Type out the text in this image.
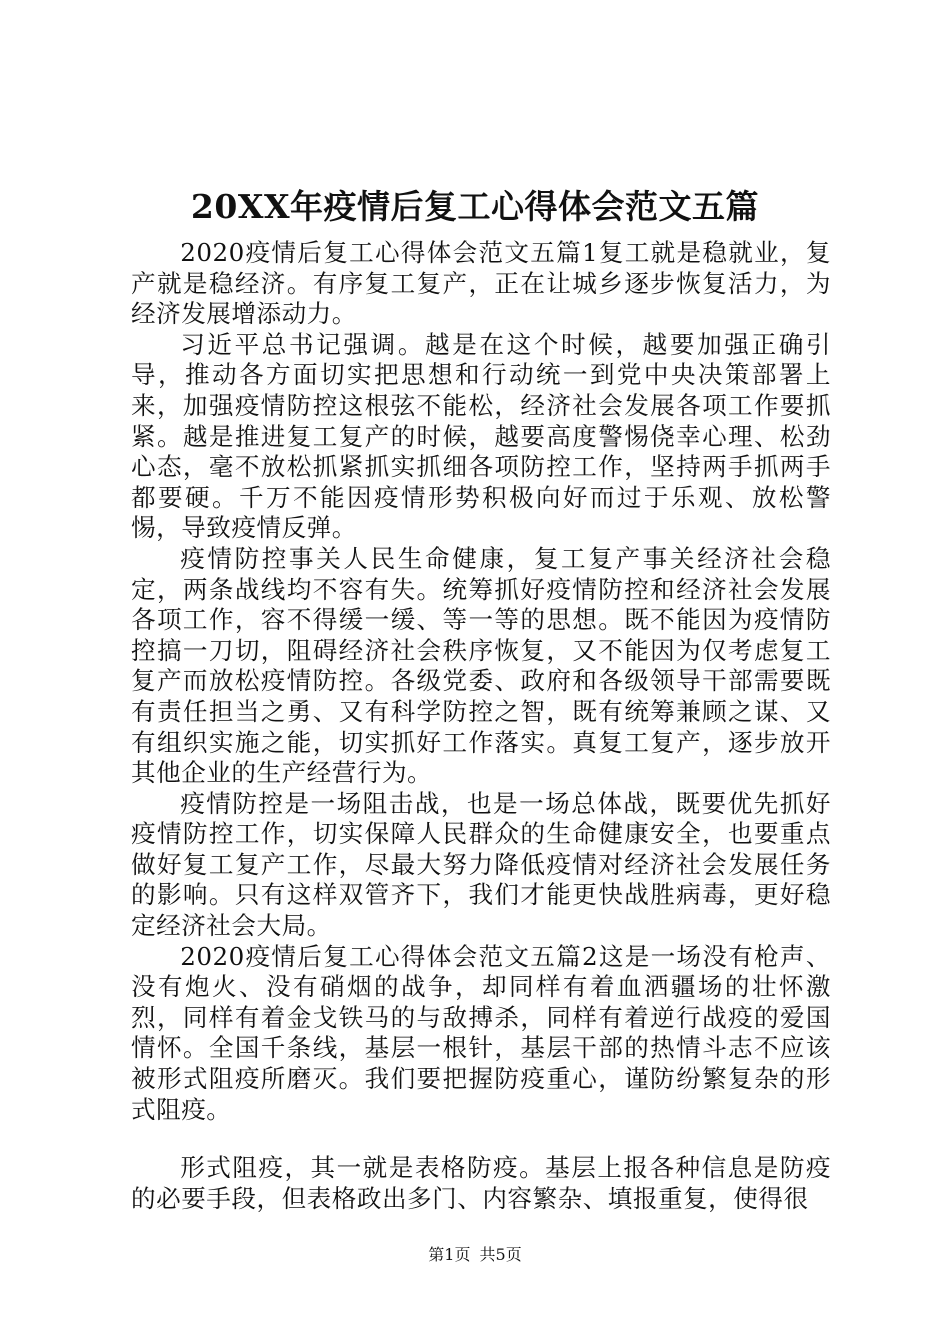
20XX年疫情后复工心得体会范文五篇

2020疫情后复工心得体会范文五篇1复工就是稳就业，复产就是稳经济。有序复工复产，正在让城乡逐步恢复活力，为经济发展增添动力。

习近平总书记强调。越是在这个时候，越要加强正确引导，推动各方面切实把思想和行动统一到党中央决策部署上来，加强疫情防控这根弦不能松，经济社会发展各项工作要抓紧。越是推进复工复产的时候，越要高度警惕侥幸心理、松劲心态，毫不放松抓紧抓实抓细各项防控工作，坚持两手抓两手都要硬。千万不能因疫情形势积极向好而过于乐观、放松警惕，导致疫情反弹。

疫情防控事关人民生命健康，复工复产事关经济社会稳定，两条战线均不容有失。统筹抓好疫情防控和经济社会发展各项工作，容不得缓一缓、等一等的思想。既不能因为疫情防控搞一刀切，阻碍经济社会秩序恢复，又不能因为仅考虑复工复产而放松疫情防控。各级党委、政府和各级领导干部需要既有责任担当之勇、又有科学防控之智，既有统筹兼顾之谋、又有组织实施之能，切实抓好工作落实。真复工复产，逐步放开其他企业的生产经营行为。

疫情防控是一场阻击战，也是一场总体战，既要优先抓好疫情防控工作，切实保障人民群众的生命健康安全，也要重点做好复工复产工作，尽最大努力降低疫情对经济社会发展任务的影响。只有这样双管齐下，我们才能更快战胜病毒，更好稳定经济社会大局。

2020疫情后复工心得体会范文五篇2这是一场没有枪声、没有炮火、没有硝烟的战争，却同样有着血洒疆场的壮怀激烈，同样有着金戈铁马的与敌搏杀，同样有着逆行战疫的爱国情怀。全国千条线，基层一根针，基层干部的热情斗志不应该被形式阻疫所磨灭。我们要把握防疫重心，谨防纷繁复杂的形式阻疫。

形式阻疫，其一就是表格防疫。基层上报各种信息是防疫的必要手段，但表格政出多门、内容繁杂、填报重复，使得很

第1页 共5页
